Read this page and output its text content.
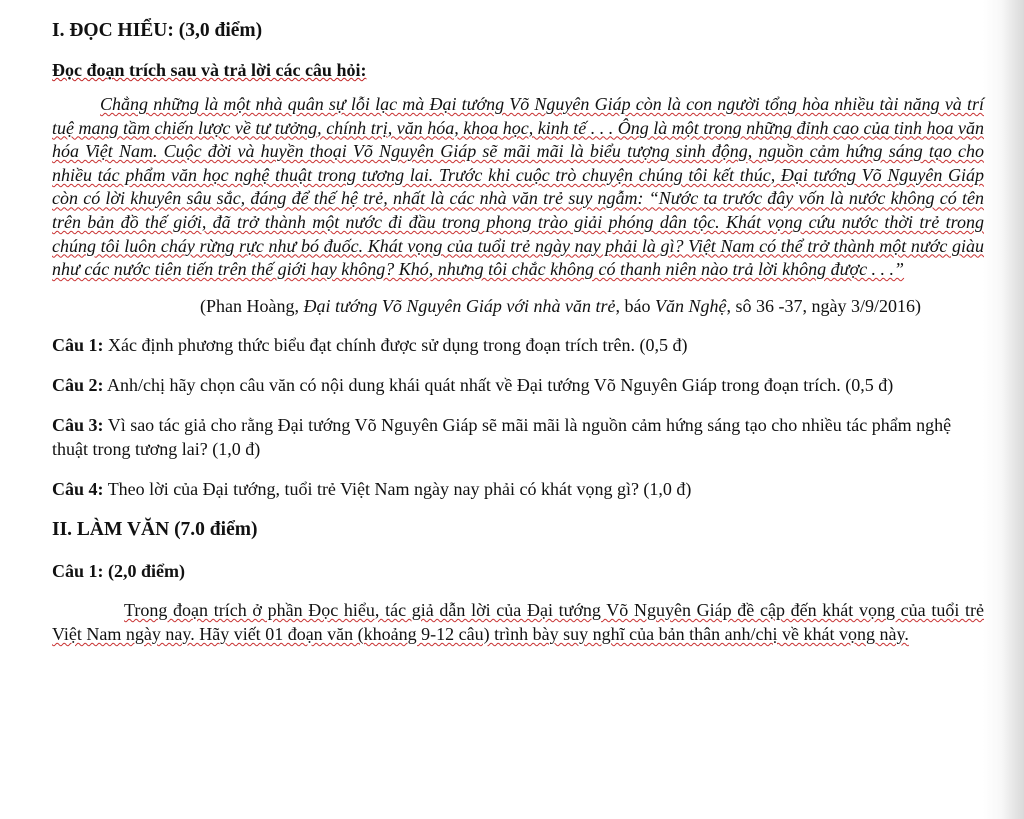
I. ĐỌC HIỂU: (3,0 điểm)
Đọc đoạn trích sau và trả lời các câu hỏi:
Chẳng những là một nhà quân sự lỗi lạc mà Đại tướng Võ Nguyên Giáp còn là con người tổng hòa nhiều tài năng và trí tuệ mang tầm chiến lược về tư tưởng, chính trị, văn hóa, khoa học, kinh tế . . . Ông là một trong những đỉnh cao của tinh hoa văn hóa Việt Nam. Cuộc đời và huyền thoại Võ Nguyên Giáp sẽ mãi mãi là biểu tượng sinh động, nguồn cảm hứng sáng tạo cho nhiều tác phẩm văn học nghệ thuật trong tương lai. Trước khi cuộc trò chuyện chúng tôi kết thúc, Đại tướng Võ Nguyên Giáp còn có lời khuyên sâu sắc, đáng để thế hệ trẻ, nhất là các nhà văn trẻ suy ngẫm: “Nước ta trước đây vốn là nước không có tên trên bản đồ thế giới, đã trở thành một nước đi đầu trong phong trào giải phóng dân tộc. Khát vọng cứu nước thời trẻ trong chúng tôi luôn cháy rừng rực như bó đuốc. Khát vọng của tuổi trẻ ngày nay phải là gì? Việt Nam có thể trở thành một nước giàu như các nước tiên tiến trên thế giới hay không? Khó, nhưng tôi chắc không có thanh niên nào trả lời không được . . .”
(Phan Hoàng, Đại tướng Võ Nguyên Giáp với nhà văn trẻ, báo Văn Nghệ, sô 36 -37, ngày 3/9/2016)
Câu 1: Xác định phương thức biểu đạt chính được sử dụng trong đoạn trích trên. (0,5 đ)
Câu 2: Anh/chị hãy chọn câu văn có nội dung khái quát nhất về Đại tướng Võ Nguyên Giáp trong đoạn trích. (0,5 đ)
Câu 3: Vì sao tác giả cho rằng Đại tướng Võ Nguyên Giáp sẽ mãi mãi là nguồn cảm hứng sáng tạo cho nhiều tác phẩm nghệ thuật trong tương lai? (1,0 đ)
Câu 4: Theo lời của Đại tướng, tuổi trẻ Việt Nam ngày nay phải có khát vọng gì? (1,0 đ)
II. LÀM VĂN (7.0 điểm)
Câu 1: (2,0 điểm)
Trong đoạn trích ở phần Đọc hiểu, tác giả dẫn lời của Đại tướng Võ Nguyên Giáp đề cập đến khát vọng của tuổi trẻ Việt Nam ngày nay. Hãy viết 01 đoạn văn (khoảng 9-12 câu) trình bày suy nghĩ của bản thân anh/chị về khát vọng này.
